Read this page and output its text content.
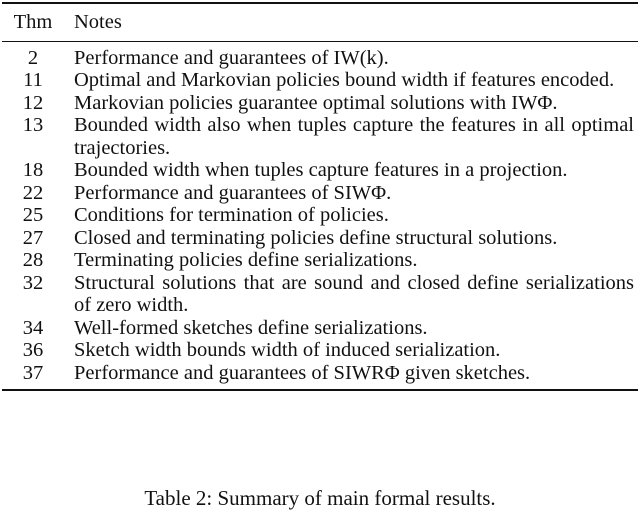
Thm	Notes
2	Performance and guarantees of IW(k).
11	Optimal and Markovian policies bound width if features encoded.
12	Markovian policies guarantee optimal solutions with IWΦ.
13	Bounded width also when tuples capture the features in all optimal trajectories.
18	Bounded width when tuples capture features in a projection.
22	Performance and guarantees of SIWΦ.
25	Conditions for termination of policies.
27	Closed and terminating policies define structural solutions.
28	Terminating policies define serializations.
32	Structural solutions that are sound and closed define serializations of zero width.
34	Well-formed sketches define serializations.
36	Sketch width bounds width of induced serialization.
37	Performance and guarantees of SIWRΦ given sketches.
Table 2: Summary of main formal results.
